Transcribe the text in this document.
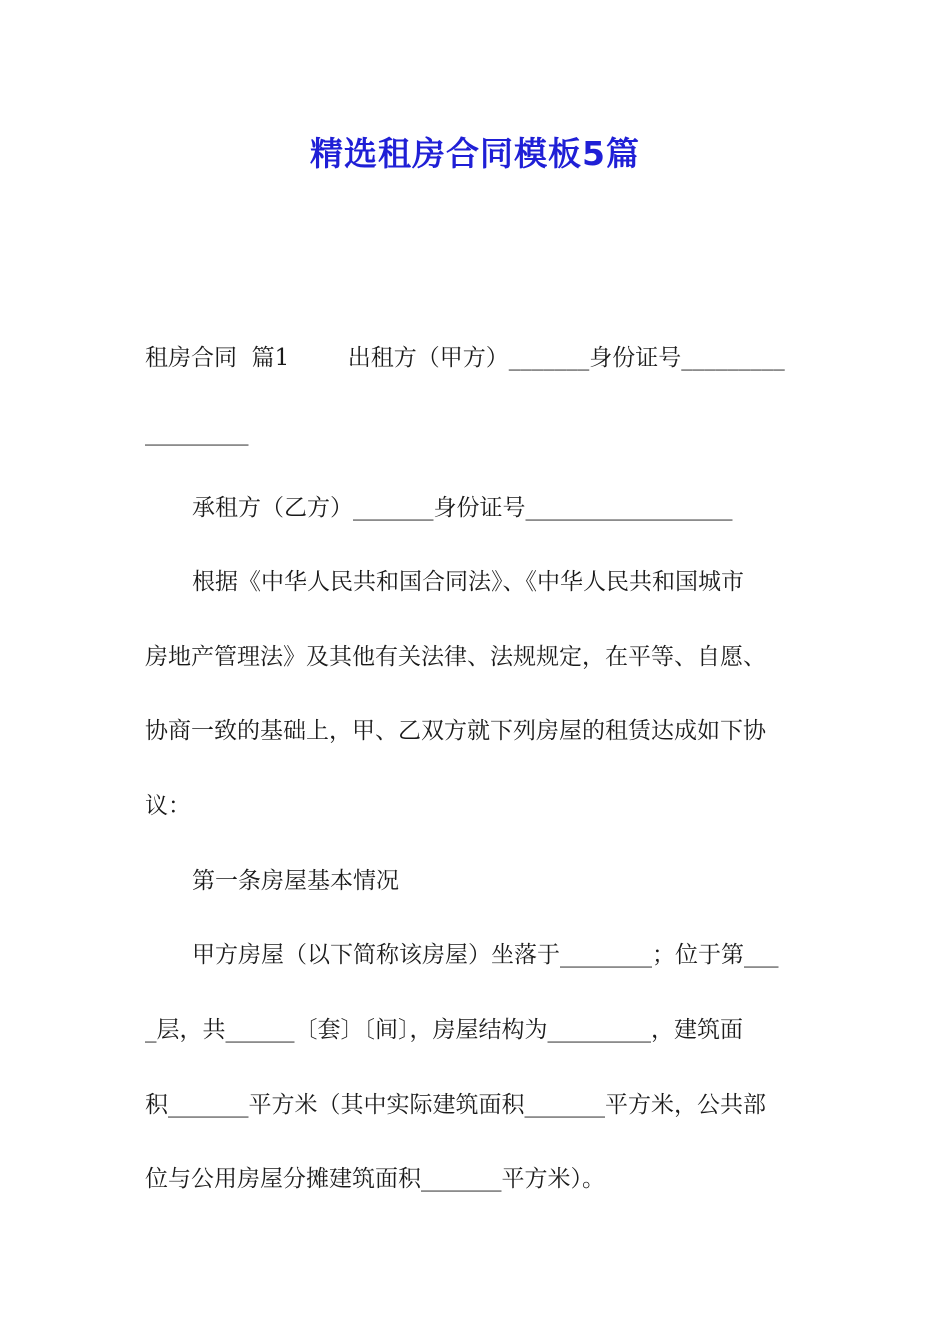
精选租房合同模板5篇
租房合同  篇1        出租方（甲方）_______身份证号_________
_________
承租方（乙方）_______身份证号__________________
根据《中华人民共和国合同法》、《中华人民共和国城市
房地产管理法》及其他有关法律、法规规定，在平等、自愿、
协商一致的基础上，甲、乙双方就下列房屋的租赁达成如下协
议：
第一条房屋基本情况
甲方房屋（以下简称该房屋）坐落于________；位于第___
_层，共______〔套〕〔间〕，房屋结构为_________，建筑面
积_______平方米（其中实际建筑面积_______平方米，公共部
位与公用房屋分摊建筑面积_______平方米）。
